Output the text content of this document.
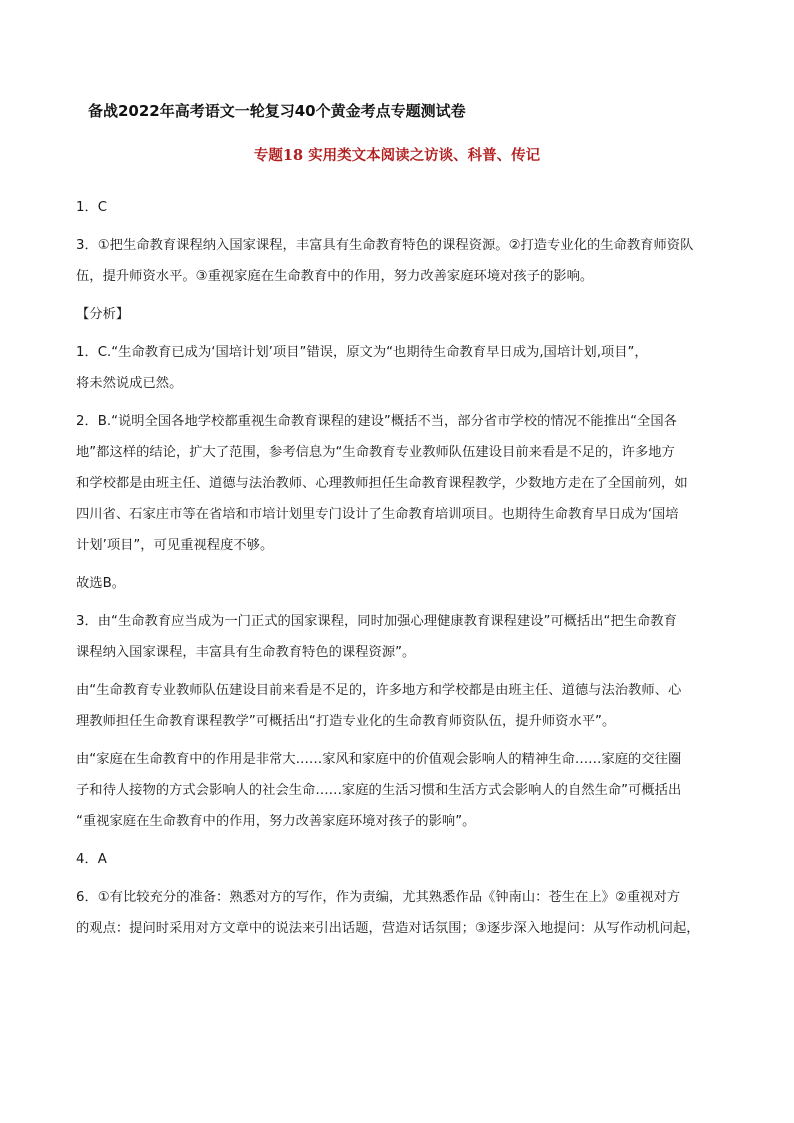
备战2022年高考语文一轮复习40个黄金考点专题测试卷
专题18 实用类文本阅读之访谈、科普、传记

1．C

3．①把生命教育课程纳入国家课程，丰富具有生命教育特色的课程资源。②打造专业化的生命教育师资队
伍，提升师资水平。③重视家庭在生命教育中的作用，努力改善家庭环境对孩子的影响。

【分析】

1．C.“生命教育已成为‘国培计划’项目”错误，原文为“也期待生命教育早日成为‚国培计划‚项目”，
将未然说成已然。

2．B.“说明全国各地学校都重视生命教育课程的建设”概括不当，部分省市学校的情况不能推出“全国各
地”都这样的结论，扩大了范围，参考信息为“生命教育专业教师队伍建设目前来看是不足的，许多地方
和学校都是由班主任、道德与法治教师、心理教师担任生命教育课程教学，少数地方走在了全国前列，如
四川省、石家庄市等在省培和市培计划里专门设计了生命教育培训项目。也期待生命教育早日成为‘国培
计划’项目”，可见重视程度不够。

故选B。

3．由“生命教育应当成为一门正式的国家课程，同时加强心理健康教育课程建设”可概括出“把生命教育
课程纳入国家课程，丰富具有生命教育特色的课程资源”。

由“生命教育专业教师队伍建设目前来看是不足的，许多地方和学校都是由班主任、道德与法治教师、心
理教师担任生命教育课程教学”可概括出“打造专业化的生命教育师资队伍，提升师资水平”。

由“家庭在生命教育中的作用是非常大……家风和家庭中的价值观会影响人的精神生命……家庭的交往圈
子和待人接物的方式会影响人的社会生命……家庭的生活习惯和生活方式会影响人的自然生命”可概括出
“重视家庭在生命教育中的作用，努力改善家庭环境对孩子的影响”。

4．A

6．①有比较充分的准备：熟悉对方的写作，作为责编，尤其熟悉作品《钟南山：苍生在上》②重视对方
的观点：提问时采用对方文章中的说法来引出话题，营造对话氛围；③逐步深入地提问：从写作动机问起，
